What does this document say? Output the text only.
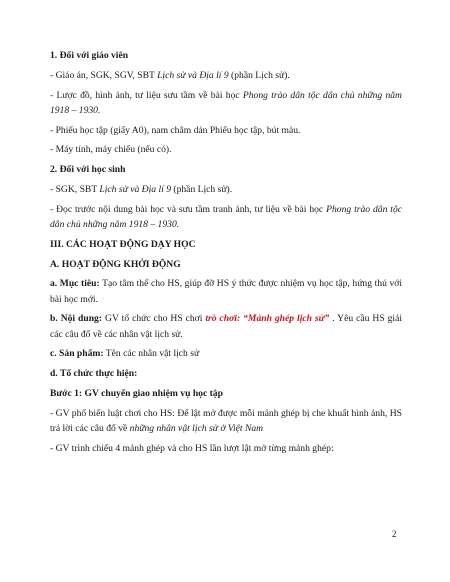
1. Đối với giáo viên

- Giáo án, SGK, SGV, SBT Lịch sử và Địa lí 9 (phần Lịch sử).

- Lược đồ, hình ảnh, tư liệu sưu tầm về bài học Phong trào dân tộc dân chủ những năm 1918 – 1930.

- Phiếu học tập (giấy A0), nam châm dán Phiếu học tập, bút màu.

- Máy tính, máy chiếu (nếu có).

2. Đối với học sinh

- SGK, SBT Lịch sử và Địa lí 9 (phần Lịch sử).

- Đọc trước nội dung bài học và sưu tầm tranh ảnh, tư liệu về bài học Phong trào dân tộc dân chủ những năm 1918 – 1930.

III. CÁC HOẠT ĐỘNG DẠY HỌC

A. HOẠT ĐỘNG KHỞI ĐỘNG

a. Mục tiêu: Tạo tâm thế cho HS, giúp đỡ HS ý thức được nhiệm vụ học tập, hứng thú với bài học mới.

b. Nội dung: GV tổ chức cho HS chơi trò chơi: “Mảnh ghép lịch sử” . Yêu cầu HS giải các câu đố về các nhân vật lịch sử.

c. Sản phẩm: Tên các nhân vật lịch sử

d. Tổ chức thực hiện:

Bước 1: GV chuyển giao nhiệm vụ học tập

- GV phổ biến luật chơi cho HS: Để lật mở được mỗi mảnh ghép bị che khuất hình ảnh, HS trả lời các câu đố về những nhân vật lịch sử ở Việt Nam

- GV trình chiếu 4 mảnh ghép và cho HS lần lượt lật mở từng mảnh ghép:

2
